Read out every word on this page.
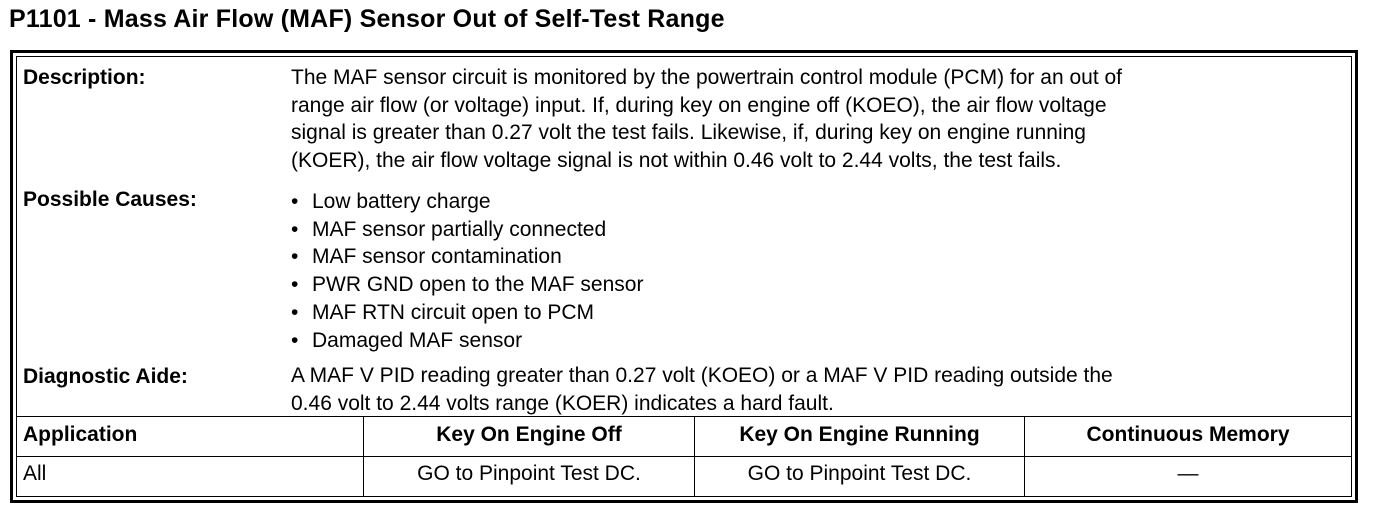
P1101 - Mass Air Flow (MAF) Sensor Out of Self-Test Range
Description:	The MAF sensor circuit is monitored by the powertrain control module (PCM) for an out of
range air flow (or voltage) input. If, during key on engine off (KOEO), the air flow voltage
signal is greater than 0.27 volt the test fails. Likewise, if, during key on engine running
(KOER), the air flow voltage signal is not within 0.46 volt to 2.44 volts, the test fails.
Possible Causes:	• Low battery charge
• MAF sensor partially connected
• MAF sensor contamination
• PWR GND open to the MAF sensor
• MAF RTN circuit open to PCM
• Damaged MAF sensor
Diagnostic Aide:	A MAF V PID reading greater than 0.27 volt (KOEO) or a MAF V PID reading outside the
0.46 volt to 2.44 volts range (KOER) indicates a hard fault.
Application	Key On Engine Off	Key On Engine Running	Continuous Memory
All	GO to Pinpoint Test DC.	GO to Pinpoint Test DC.	—
